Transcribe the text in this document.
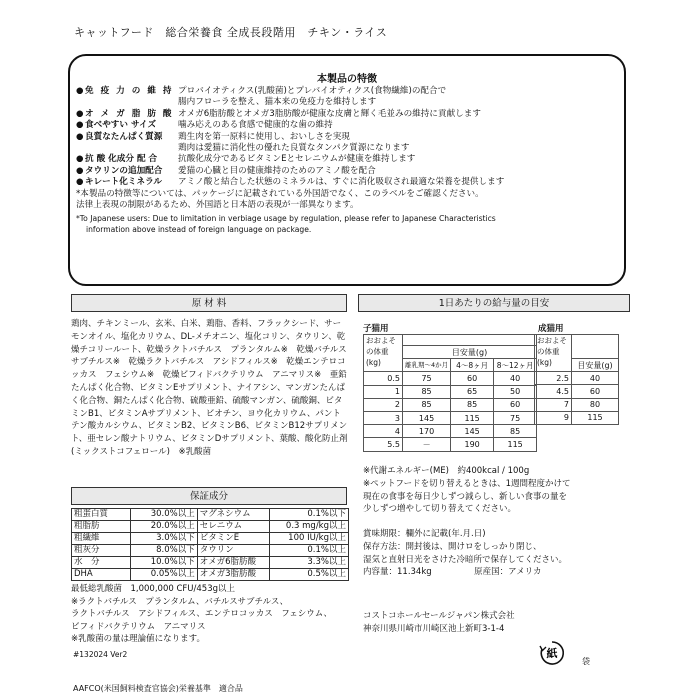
キャットフード　総合栄養食 全成長段階用　チキン・ライス
本製品の特徴
●免 疫 力 の 維 持 プロバイオティクス(乳酸菌)とプレバイオティクス(食物繊維)の配合で
腸内フローラを整え、猫本来の免疫力を維持します
●オ メ ガ 脂 肪 酸 オメガ6脂肪酸とオメガ3脂肪酸が健康な皮膚と輝く毛並みの維持に貢献します
● 食べやすい サイズ	噛み応えのある食感で健康的な歯の維持
● 良質なたんぱく質源	鶏生肉を第一原料に使用し、おいしさを実現
鶏肉は愛猫に消化性の優れた良質なタンパク質源になります
● 抗 酸 化成分 配 合	抗酸化成分であるビタミンEとセレニウムが健康を維持します
● タウリンの追加配合	愛猫の心臓と目の健康維持のためのアミノ酸を配合
● キレート化ミネラル	アミノ酸と結合した状態のミネラルは、すぐに消化吸収され最適な栄養を提供します
*本製品の特徴等については、パッケージに記載されている外国語でなく、このラベルをご確認ください。
法律上表現の制限があるため、外国語と日本語の表現が一部異なります。
*To Japanese users: Due to limitation in verbiage usage by regulation, please refer to Japanese Characteristics
information above instead of foreign language on package.
原 材 料
鶏肉、チキンミール、玄米、白米、鶏脂、香料、フラックシード、サーモンオイル、塩化カリウム、DL-メチオニン、塩化コリン、タウリン、乾燥チコリールート、乾燥ラクトバチルス　プランタルム※　乾燥バチルス　サブチルス※　乾燥ラクトバチルス　アシドフィルス※　乾燥エンテロコッカス　フェシウム※　乾燥ビフィドバクテリウム　アニマリス※　亜鉛たんぱく化合物、ビタミンEサプリメント、ナイアシン、マンガンたんぱく化合物、銅たんぱく化合物、硫酸亜鉛、硫酸マンガン、硫酸銅、ビタミンB1、ビタミンAサプリメント、ビオチン、ヨウ化カリウム、パントテン酸カルシウム、ビタミンB2、ビタミンB6、ビタミンB12サプリメント、亜セレン酸ナトリウム、ビタミンDサプリメント、葉酸、酸化防止剤(ミックストコフェロール)　※乳酸菌
保証成分
粗蛋白質	30.0%以上	マグネシウム	0.1%以下
粗脂肪	20.0%以上	セレニウム	0.3 mg/kg以上
粗繊維	3.0%以下	ビタミンE	100 IU/kg以上
粗灰分	8.0%以下	タウリン	0.1%以上
水　分	10.0%以下	オメガ6脂肪酸	3.3%以上
DHA	0.05%以上	オメガ3脂肪酸	0.5%以上
最低総乳酸菌　1,000,000 CFU/453g以上
※ラクトバチルス　プランタルム、バチルスサブチルス、
ラクトバチルス　アシドフィルス、エンテロコッカス　フェシウム、
ビフィドバクテリウム　アニマリス
※乳酸菌の量は理論値になります。
#132024 Ver2
AAFCO(米国飼料検査官協会)栄養基準　適合品
1日あたりの給与量の目安
子猫用	成猫用
おおよその体重(kg)			
	目安量(g)		
	離乳期～4か月	4～8ヶ月	8～12ヶ月
0.5	75	60	40
1	85	65	50
2	85	85	60
3	145	115	75
4	170	145	85
5.5	－	190	115
おおよその体重(kg)	
	目安量(g)
2.5	40
4.5	60
7	80
9	115
※代謝エネルギー(ME)　約400kcal / 100g
※ペットフードを切り替えるときは、1週間程度かけて
現在の食事を毎日少しずつ減らし、新しい食事の量を
少しずつ増やして切り替えてください。
賞味期限：欄外に記載(年.月.日)
保存方法：開封後は、開けロをしっかり閉じ、
湿気と直射日光をさけた冷暗所で保存してください。
内容量：11.34kg　　　　　原産国：アメリカ
コストコホールセールジャパン株式会社
神奈川県川崎市川崎区池上新町3-1-4
紙
袋
